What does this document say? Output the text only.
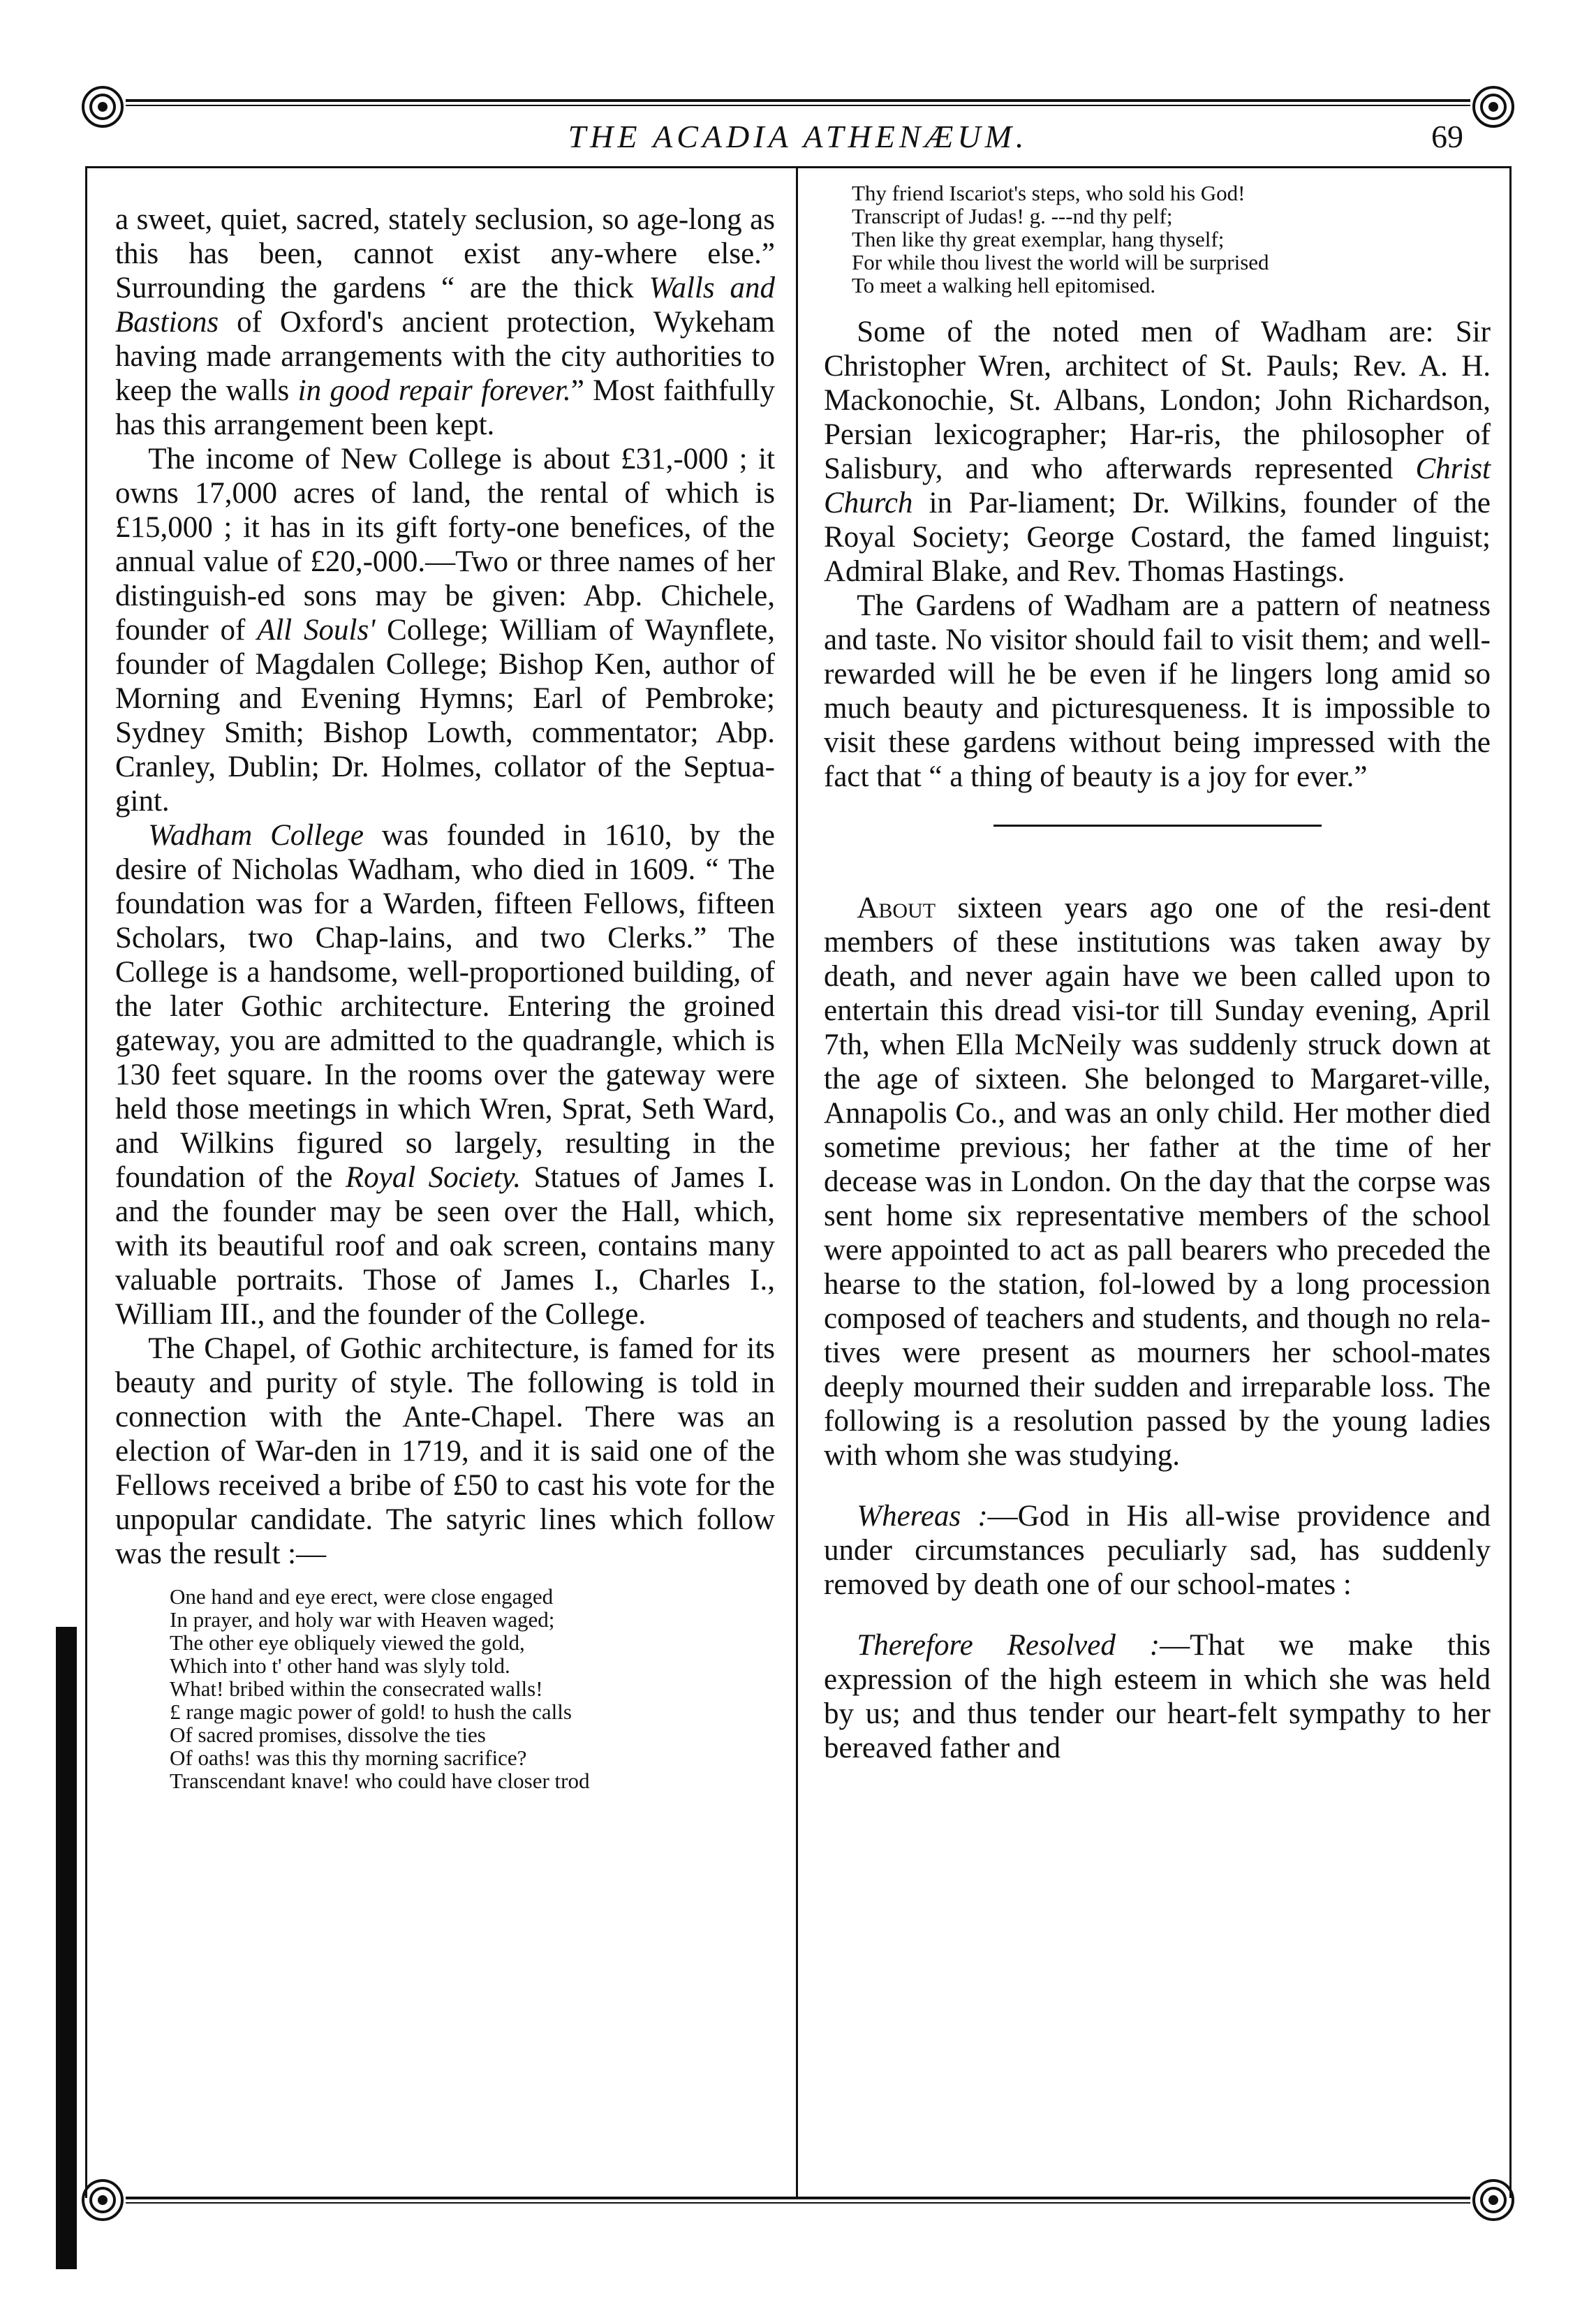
THE ACADIA ATHENÆUM.	69

a sweet, quiet, sacred, stately seclusion, so age-long as this has been, cannot exist any-where else.” Surrounding the gardens “ are the thick Walls and Bastions of Oxford's ancient protection, Wykeham having made arrangements with the city authorities to keep the walls in good repair forever.” Most faithfully has this arrangement been kept.

The income of New College is about £31,-000 ; it owns 17,000 acres of land, the rental of which is £15,000 ; it has in its gift forty-one benefices, of the annual value of £20,-000.—Two or three names of her distinguish-ed sons may be given: Abp. Chichele, founder of All Souls' College; William of Waynflete, founder of Magdalen College; Bishop Ken, author of Morning and Evening Hymns; Earl of Pembroke; Sydney Smith; Bishop Lowth, commentator; Abp. Cranley, Dublin; Dr. Holmes, collator of the Septua-gint.

Wadham College was founded in 1610, by the desire of Nicholas Wadham, who died in 1609. “ The foundation was for a Warden, fifteen Fellows, fifteen Scholars, two Chap-lains, and two Clerks.” The College is a handsome, well-proportioned building, of the later Gothic architecture. Entering the groined gateway, you are admitted to the quadrangle, which is 130 feet square. In the rooms over the gateway were held those meetings in which Wren, Sprat, Seth Ward, and Wilkins figured so largely, resulting in the foundation of the Royal Society. Statues of James I. and the founder may be seen over the Hall, which, with its beautiful roof and oak screen, contains many valuable portraits. Those of James I., Charles I., William III., and the founder of the College.

The Chapel, of Gothic architecture, is famed for its beauty and purity of style. The following is told in connection with the Ante-Chapel. There was an election of War-den in 1719, and it is said one of the Fellows received a bribe of £50 to cast his vote for the unpopular candidate. The satyric lines which follow was the result :—

One hand and eye erect, were close engaged
In prayer, and holy war with Heaven waged;
The other eye obliquely viewed the gold,
Which into t' other hand was slyly told.
What! bribed within the consecrated walls!
£ range magic power of gold! to hush the calls
Of sacred promises, dissolve the ties
Of oaths! was this thy morning sacrifice?
Transcendant knave! who could have closer trod
Thy friend Iscariot's steps, who sold his God!
Transcript of Judas! g. ---nd thy pelf;
Then like thy great exemplar, hang thyself;
For while thou livest the world will be surprised
To meet a walking hell epitomised.

Some of the noted men of Wadham are: Sir Christopher Wren, architect of St. Pauls; Rev. A. H. Mackonochie, St. Albans, London; John Richardson, Persian lexicographer; Har-ris, the philosopher of Salisbury, and who afterwards represented Christ Church in Par-liament; Dr. Wilkins, founder of the Royal Society; George Costard, the famed linguist; Admiral Blake, and Rev. Thomas Hastings.

The Gardens of Wadham are a pattern of neatness and taste. No visitor should fail to visit them; and well-rewarded will he be even if he lingers long amid so much beauty and picturesqueness. It is impossible to visit these gardens without being impressed with the fact that “ a thing of beauty is a joy for ever.”

About sixteen years ago one of the resi-dent members of these institutions was taken away by death, and never again have we been called upon to entertain this dread visi-tor till Sunday evening, April 7th, when Ella McNeily was suddenly struck down at the age of sixteen. She belonged to Margaret-ville, Annapolis Co., and was an only child. Her mother died sometime previous; her father at the time of her decease was in London. On the day that the corpse was sent home six representative members of the school were appointed to act as pall bearers who preceded the hearse to the station, fol-lowed by a long procession composed of teachers and students, and though no rela-tives were present as mourners her school-mates deeply mourned their sudden and irreparable loss. The following is a resolution passed by the young ladies with whom she was studying.

Whereas :—God in His all-wise providence and under circumstances peculiarly sad, has suddenly removed by death one of our school-mates :

Therefore Resolved :—That we make this expression of the high esteem in which she was held by us; and thus tender our heart-felt sympathy to her bereaved father and
